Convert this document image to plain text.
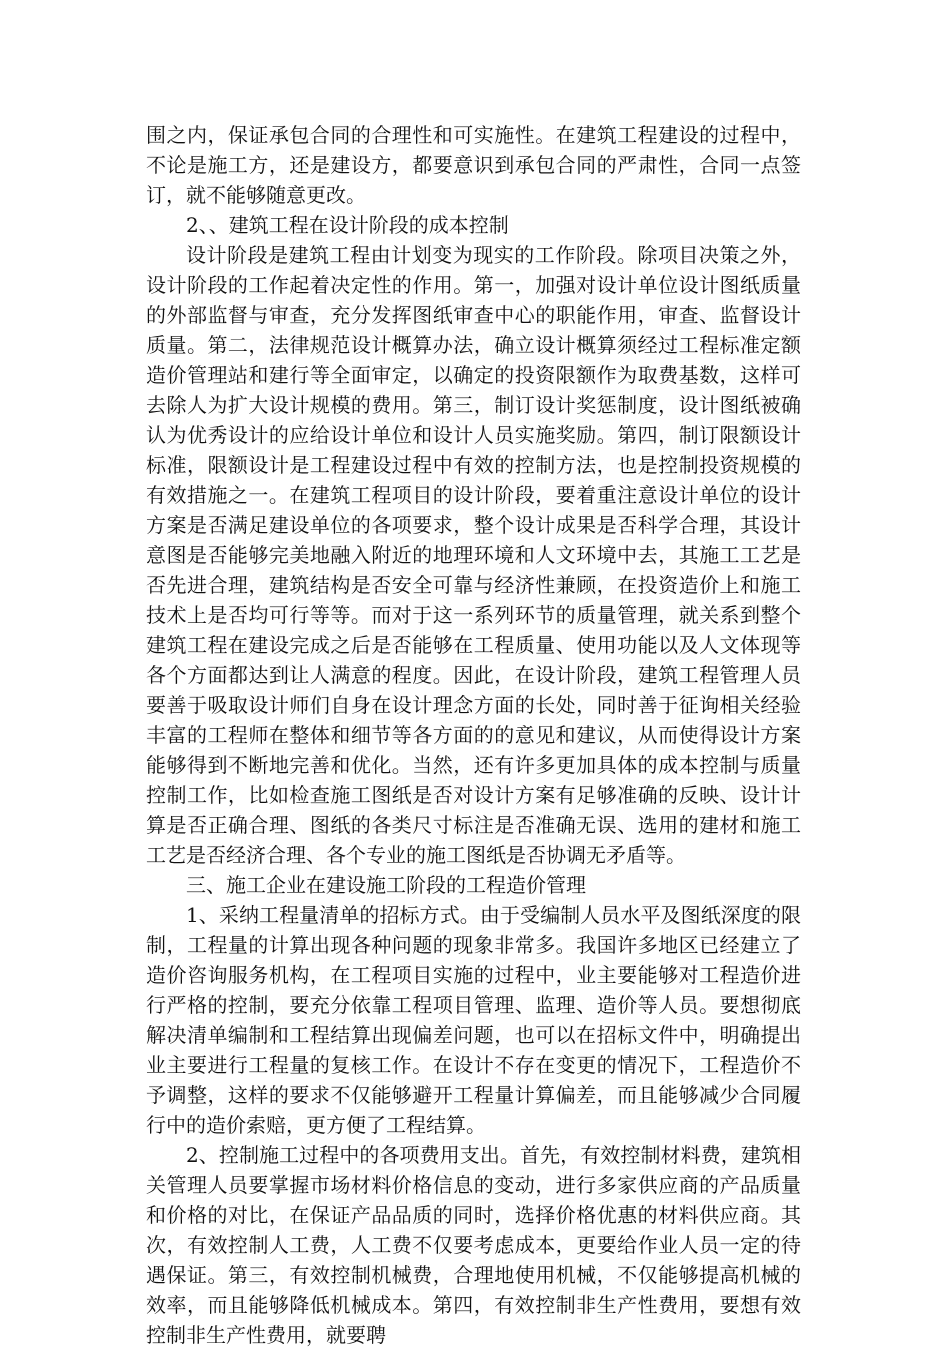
围之内，保证承包合同的合理性和可实施性。在建筑工程建设的过程中，不论是施工方，还是建设方，都要意识到承包合同的严肃性，合同一点签订，就不能够随意更改。

2、、建筑工程在设计阶段的成本控制

设计阶段是建筑工程由计划变为现实的工作阶段。除项目决策之外，设计阶段的工作起着决定性的作用。第一，加强对设计单位设计图纸质量的外部监督与审查，充分发挥图纸审查中心的职能作用，审查、监督设计质量。第二，法律规范设计概算办法，确立设计概算须经过工程标准定额造价管理站和建行等全面审定，以确定的投资限额作为取费基数，这样可去除人为扩大设计规模的费用。第三，制订设计奖惩制度，设计图纸被确认为优秀设计的应给设计单位和设计人员实施奖励。第四，制订限额设计标准，限额设计是工程建设过程中有效的控制方法，也是控制投资规模的有效措施之一。在建筑工程项目的设计阶段，要着重注意设计单位的设计方案是否满足建设单位的各项要求，整个设计成果是否科学合理，其设计意图是否能够完美地融入附近的地理环境和人文环境中去，其施工工艺是否先进合理，建筑结构是否安全可靠与经济性兼顾，在投资造价上和施工技术上是否均可行等等。而对于这一系列环节的质量管理，就关系到整个建筑工程在建设完成之后是否能够在工程质量、使用功能以及人文体现等各个方面都达到让人满意的程度。因此，在设计阶段，建筑工程管理人员要善于吸取设计师们自身在设计理念方面的长处，同时善于征询相关经验丰富的工程师在整体和细节等各方面的的意见和建议，从而使得设计方案能够得到不断地完善和优化。当然，还有许多更加具体的成本控制与质量控制工作，比如检查施工图纸是否对设计方案有足够准确的反映、设计计算是否正确合理、图纸的各类尺寸标注是否准确无误、选用的建材和施工工艺是否经济合理、各个专业的施工图纸是否协调无矛盾等。

三、施工企业在建设施工阶段的工程造价管理

1、采纳工程量清单的招标方式。由于受编制人员水平及图纸深度的限制，工程量的计算出现各种问题的现象非常多。我国许多地区已经建立了造价咨询服务机构，在工程项目实施的过程中，业主要能够对工程造价进行严格的控制，要充分依靠工程项目管理、监理、造价等人员。要想彻底解决清单编制和工程结算出现偏差问题，也可以在招标文件中，明确提出业主要进行工程量的复核工作。在设计不存在变更的情况下，工程造价不予调整，这样的要求不仅能够避开工程量计算偏差，而且能够减少合同履行中的造价索赔，更方便了工程结算。

2、控制施工过程中的各项费用支出。首先，有效控制材料费，建筑相关管理人员要掌握市场材料价格信息的变动，进行多家供应商的产品质量和价格的对比，在保证产品品质的同时，选择价格优惠的材料供应商。其次，有效控制人工费，人工费不仅要考虑成本，更要给作业人员一定的待遇保证。第三，有效控制机械费，合理地使用机械，不仅能够提高机械的效率，而且能够降低机械成本。第四，有效控制非生产性费用，要想有效控制非生产性费用，就要聘
